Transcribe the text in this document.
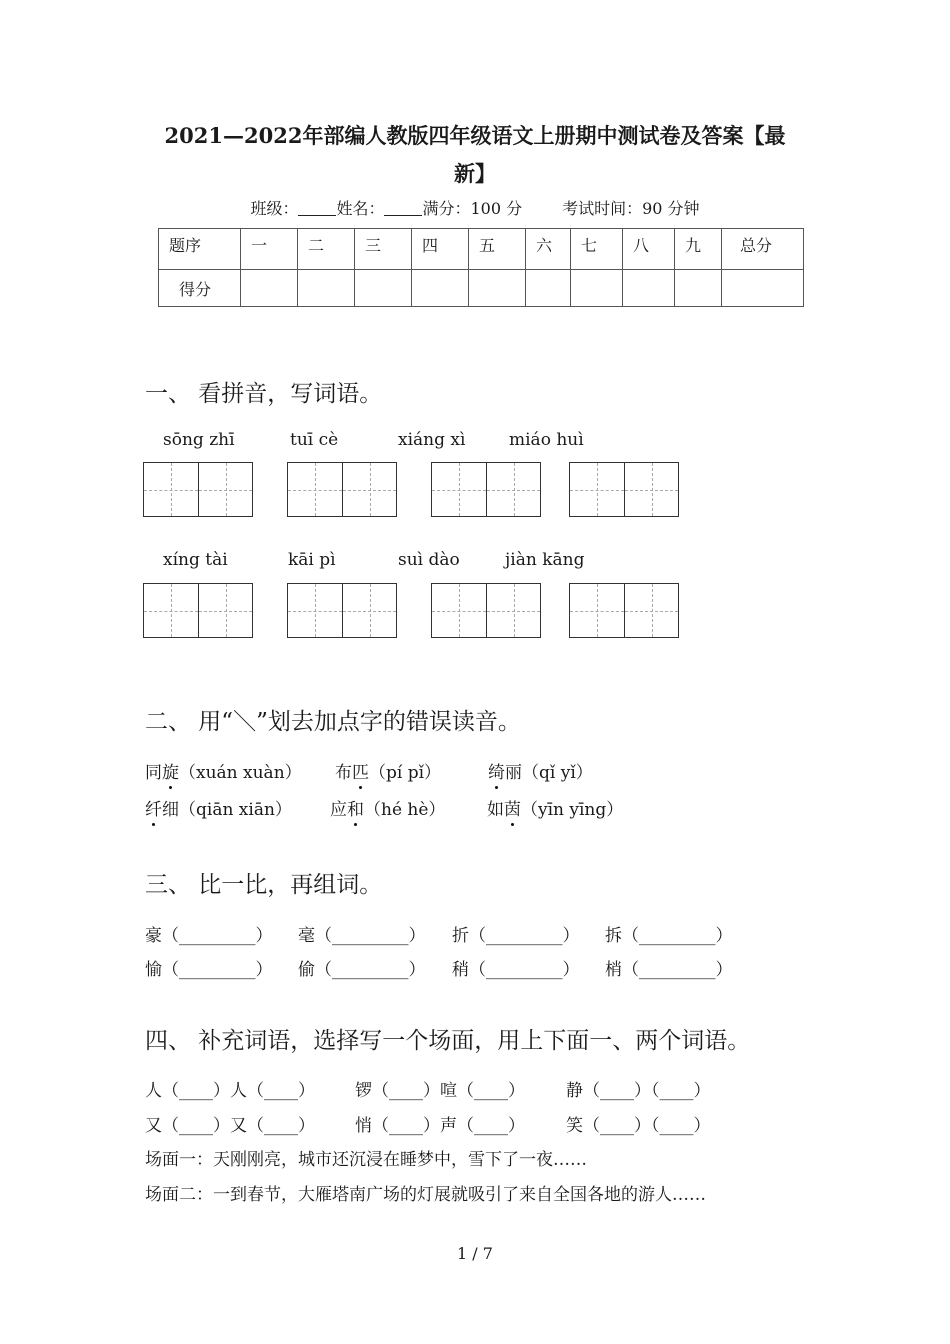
2021—2022年部编人教版四年级语文上册期中测试卷及答案【最
新】
班级： 姓名： 满分：100 分	考试时间：90 分钟
题序	一	二	三	四	五	六	七	八	九	总分
得分										
一、 看拼音，写词语。
sōng zhī	tuī cè	xiáng xì	miáo huì
xíng tài	kāi pì	suì dào	jiàn kāng
二、 用“＼”划去加点字的错误读音。
同旋（xuán xuàn） 布匹（pí pǐ）	绮丽（qǐ yǐ）
纤细（qiān xiān） 应和（hé hè） 如茵（yīn yīng）
三、 比一比，再组词。
豪（_________） 毫（_________） 折（_________） 拆（_________）
愉（_________） 偷（_________） 稍（_________） 梢（_________）
四、 补充词语，选择写一个场面，用上下面一、两个词语。
人（____）人（____） 锣（____）喧（____） 静（____）（____）
又（____）又（____） 悄（____）声（____） 笑（____）（____）
场面一：天刚刚亮，城市还沉浸在睡梦中，雪下了一夜……
场面二：一到春节，大雁塔南广场的灯展就吸引了来自全国各地的游人……
1 / 7
